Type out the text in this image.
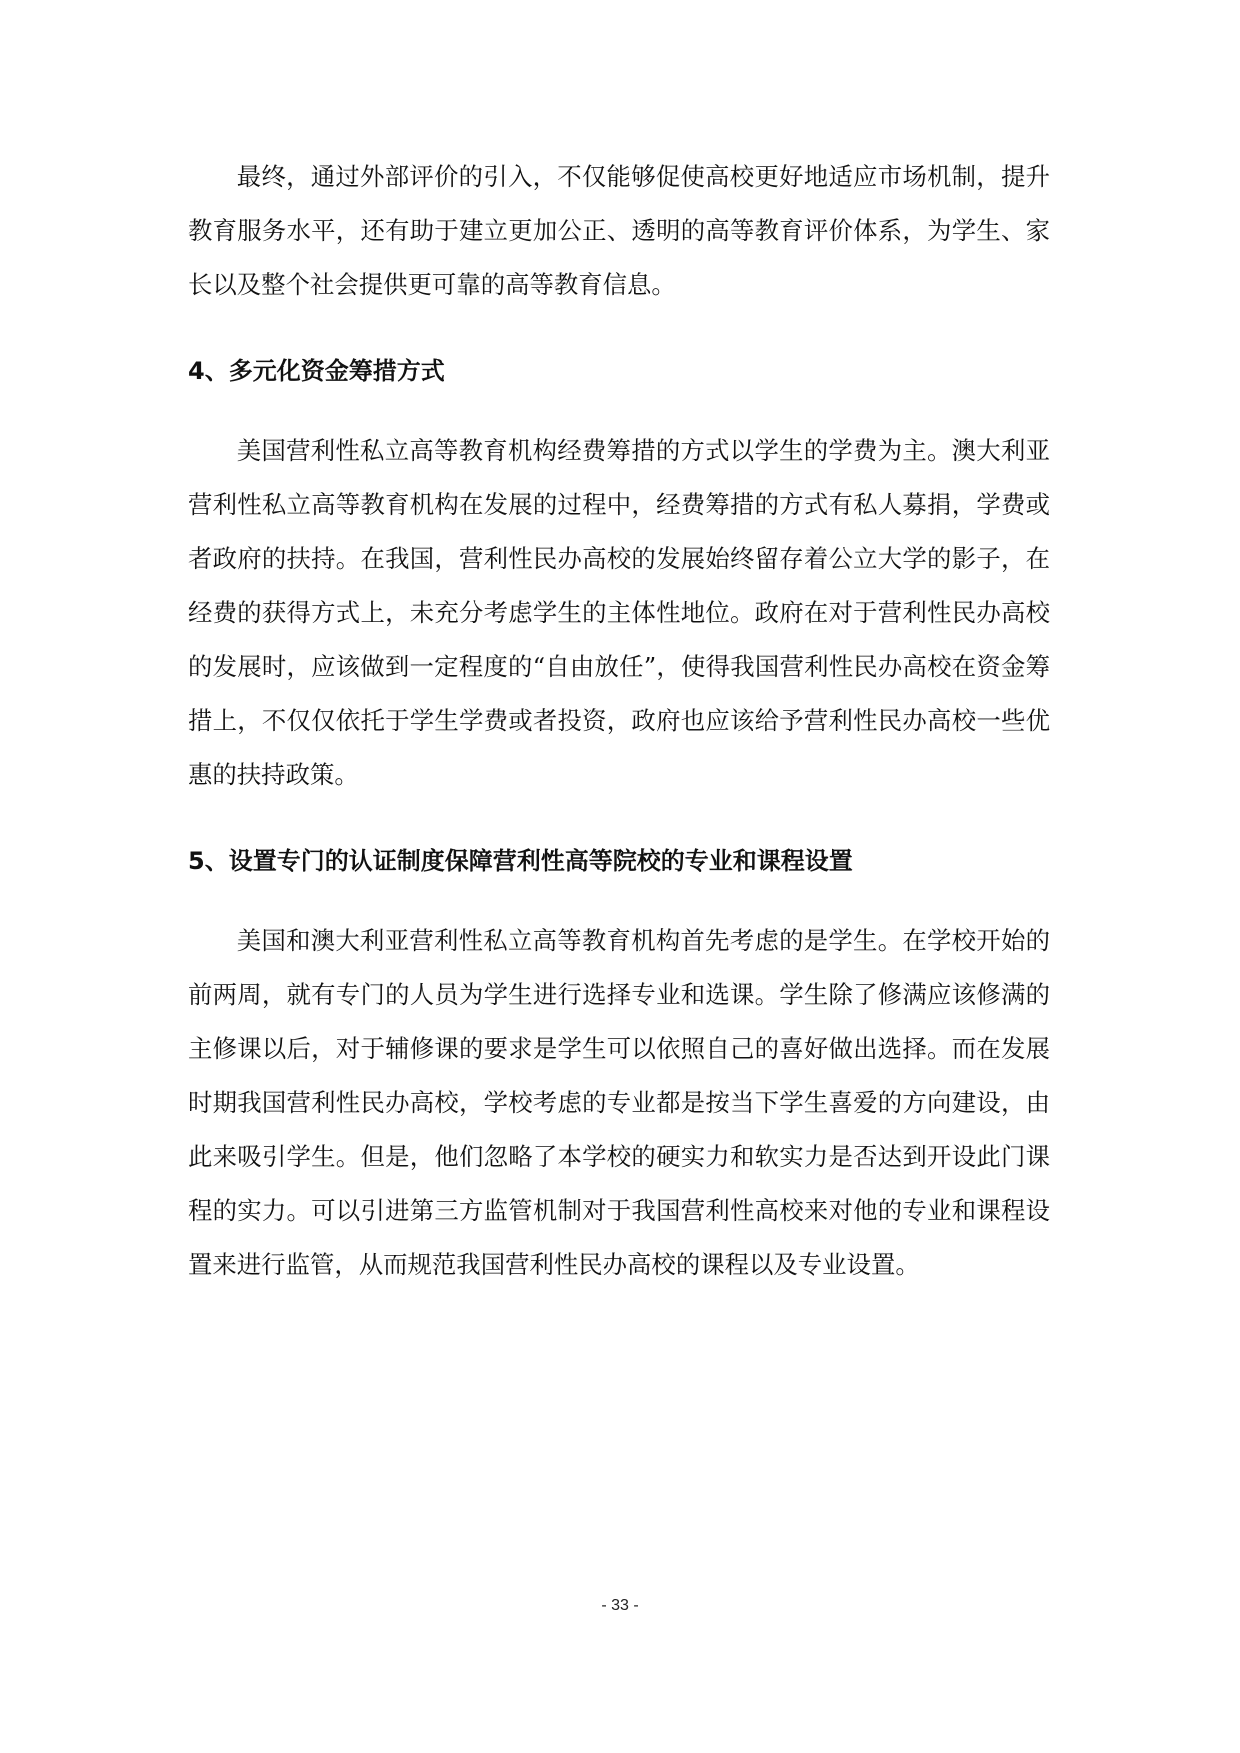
最终，通过外部评价的引入，不仅能够促使高校更好地适应市场机制，提升教育服务水平，还有助于建立更加公正、透明的高等教育评价体系，为学生、家长以及整个社会提供更可靠的高等教育信息。

4、多元化资金筹措方式

美国营利性私立高等教育机构经费筹措的方式以学生的学费为主。澳大利亚营利性私立高等教育机构在发展的过程中，经费筹措的方式有私人募捐，学费或者政府的扶持。在我国，营利性民办高校的发展始终留存着公立大学的影子，在经费的获得方式上，未充分考虑学生的主体性地位。政府在对于营利性民办高校的发展时，应该做到一定程度的“自由放任”，使得我国营利性民办高校在资金筹措上，不仅仅依托于学生学费或者投资，政府也应该给予营利性民办高校一些优惠的扶持政策。

5、设置专门的认证制度保障营利性高等院校的专业和课程设置

美国和澳大利亚营利性私立高等教育机构首先考虑的是学生。在学校开始的前两周，就有专门的人员为学生进行选择专业和选课。学生除了修满应该修满的主修课以后，对于辅修课的要求是学生可以依照自己的喜好做出选择。而在发展时期我国营利性民办高校，学校考虑的专业都是按当下学生喜爱的方向建设，由此来吸引学生。但是，他们忽略了本学校的硬实力和软实力是否达到开设此门课程的实力。可以引进第三方监管机制对于我国营利性高校来对他的专业和课程设置来进行监管，从而规范我国营利性民办高校的课程以及专业设置。

- 33 -
